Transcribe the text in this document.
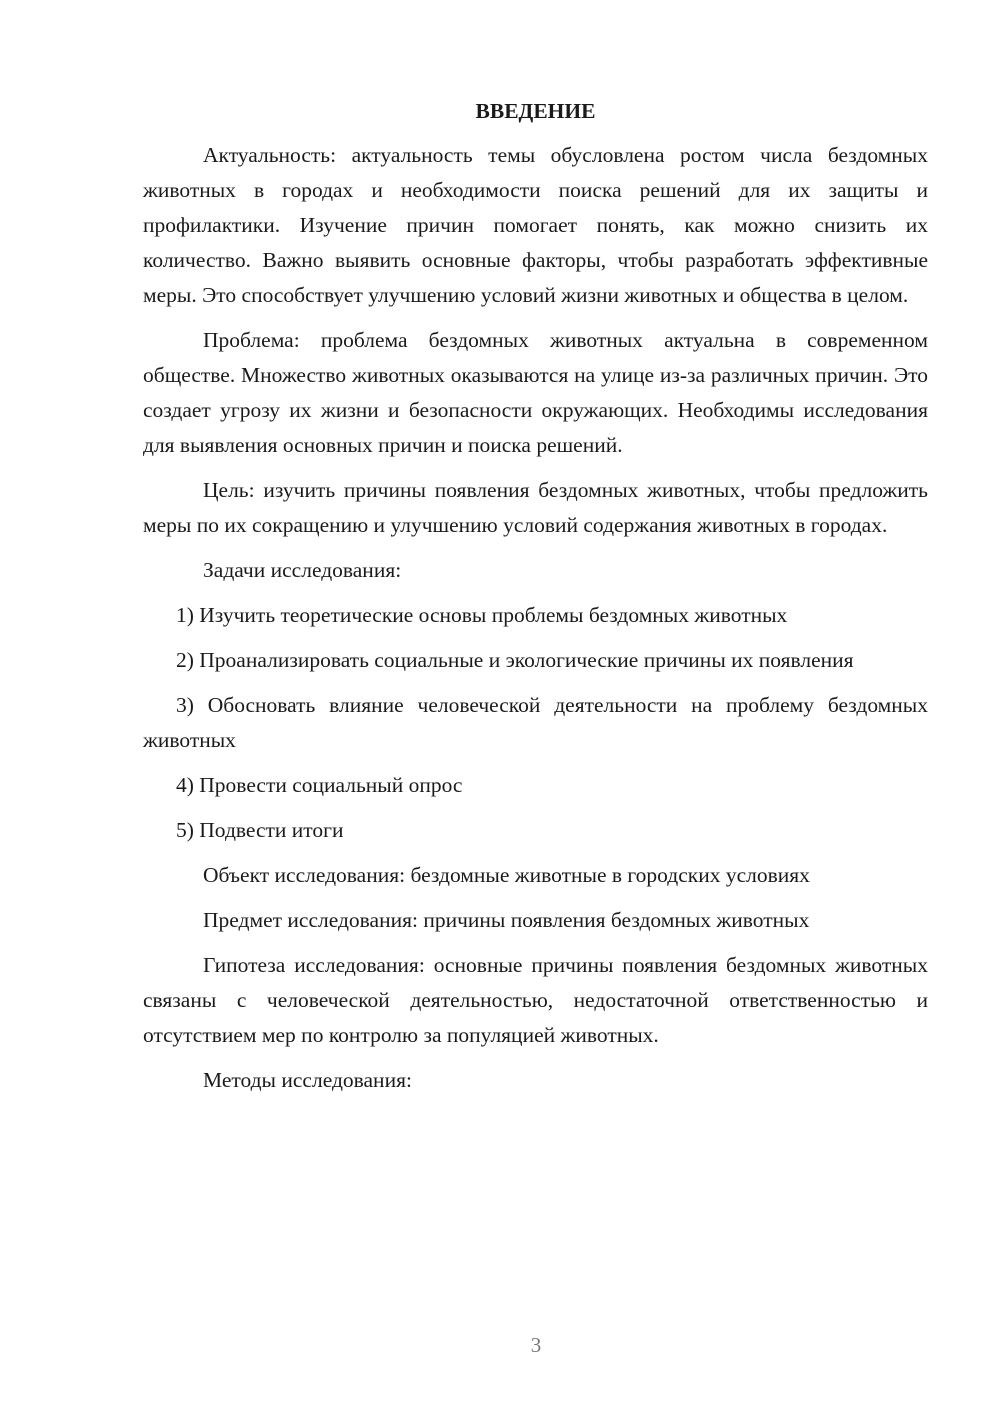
ВВЕДЕНИЕ

Актуальность: актуальность темы обусловлена ростом числа бездомных животных в городах и необходимости поиска решений для их защиты и профилактики. Изучение причин помогает понять, как можно снизить их количество. Важно выявить основные факторы, чтобы разработать эффективные меры. Это способствует улучшению условий жизни животных и общества в целом.

Проблема: проблема бездомных животных актуальна в современном обществе. Множество животных оказываются на улице из-за различных причин. Это создает угрозу их жизни и безопасности окружающих. Необходимы исследования для выявления основных причин и поиска решений.

Цель: изучить причины появления бездомных животных, чтобы предложить меры по их сокращению и улучшению условий содержания животных в городах.

Задачи исследования:

1) Изучить теоретические основы проблемы бездомных животных

2) Проанализировать социальные и экологические причины их появления

3) Обосновать влияние человеческой деятельности на проблему бездомных животных

4) Провести социальный опрос

5) Подвести итоги

Объект исследования: бездомные животные в городских условиях

Предмет исследования: причины появления бездомных животных

Гипотеза исследования: основные причины появления бездомных животных связаны с человеческой деятельностью, недостаточной ответственностью и отсутствием мер по контролю за популяцией животных.

Методы исследования:

3
